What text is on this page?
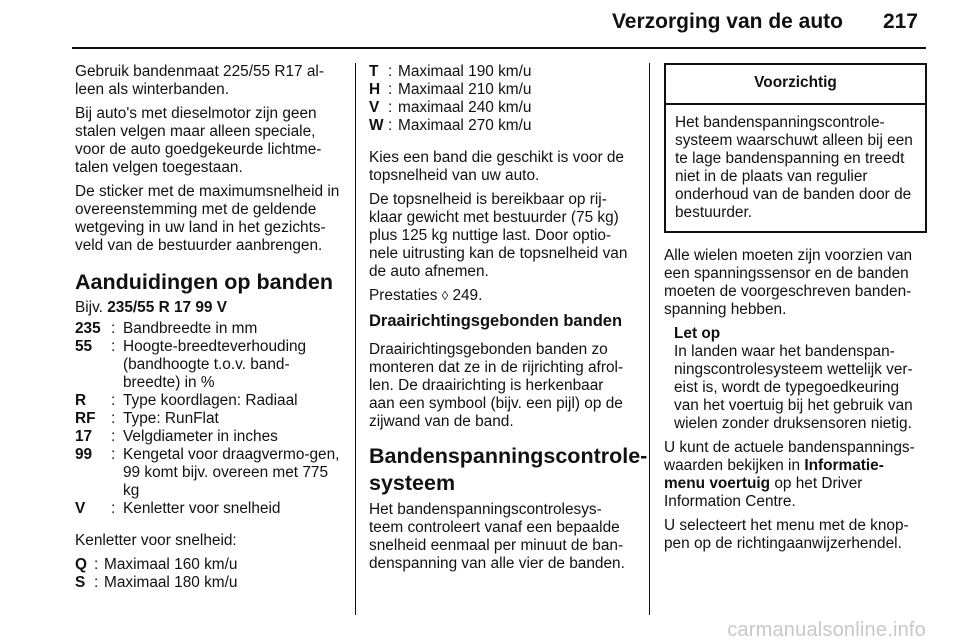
Verzorging van de auto 217

Gebruik bandenmaat 225/55 R17 al-leen als winterbanden.

Bij auto's met dieselmotor zijn geen stalen velgen maar alleen speciale, voor de auto goedgekeurde lichtme-talen velgen toegestaan.

De sticker met de maximumsnelheid in overeenstemming met de geldende wetgeving in uw land in het gezichts-veld van de bestuurder aanbrengen.

Aanduidingen op banden

Bijv. 235/55 R 17 99 V

235 : Bandbreedte in mm
55	: Hoogte-breedteverhouding (bandhoogte t.o.v. band-breedte) in %
R	: Type koordlagen: Radiaal
RF	: Type: RunFlat
17	: Velgdiameter in inches
99	: Kengetal voor draagvermo-gen, 99 komt bijv. overeen met 775 kg
V	: Kenletter voor snelheid

Kenletter voor snelheid:

Q : Maximaal 160 km/u
S : Maximaal 180 km/u
T : Maximaal 190 km/u
H : Maximaal 210 km/u
V : maximaal 240 km/u
W : Maximaal 270 km/u

Kies een band die geschikt is voor de topsnelheid van uw auto.

De topsnelheid is bereikbaar op rij-klaar gewicht met bestuurder (75 kg) plus 125 kg nuttige last. Door optio-nele uitrusting kan de topsnelheid van de auto afnemen.

Prestaties ◊ 249.

Draairichtingsgebonden banden

Draairichtingsgebonden banden zo monteren dat ze in de rijrichting afrol-len. De draairichting is herkenbaar aan een symbool (bijv. een pijl) op de zijwand van de band.

Bandenspanningscontrole-systeem

Het bandenspanningscontrolesys-teem controleert vanaf een bepaalde snelheid eenmaal per minuut de ban-denspanning van alle vier de banden.

Voorzichtig
Het bandenspanningscontrole-systeem waarschuwt alleen bij een te lage bandenspanning en treedt niet in de plaats van regulier onderhoud van de banden door de bestuurder.

Alle wielen moeten zijn voorzien van een spanningssensor en de banden moeten de voorgeschreven banden-spanning hebben.

Let op
In landen waar het bandenspan-ningscontrolesysteem wettelijk ver-eist is, wordt de typegoedkeuring van het voertuig bij het gebruik van wielen zonder druksensoren nietig.

U kunt de actuele bandenspannings-waarden bekijken in Informatie- menu voertuig op het Driver Information Centre.

U selecteert het menu met de knop-pen op de richtingaanwijzerhendel.

carmanualsonline.info
